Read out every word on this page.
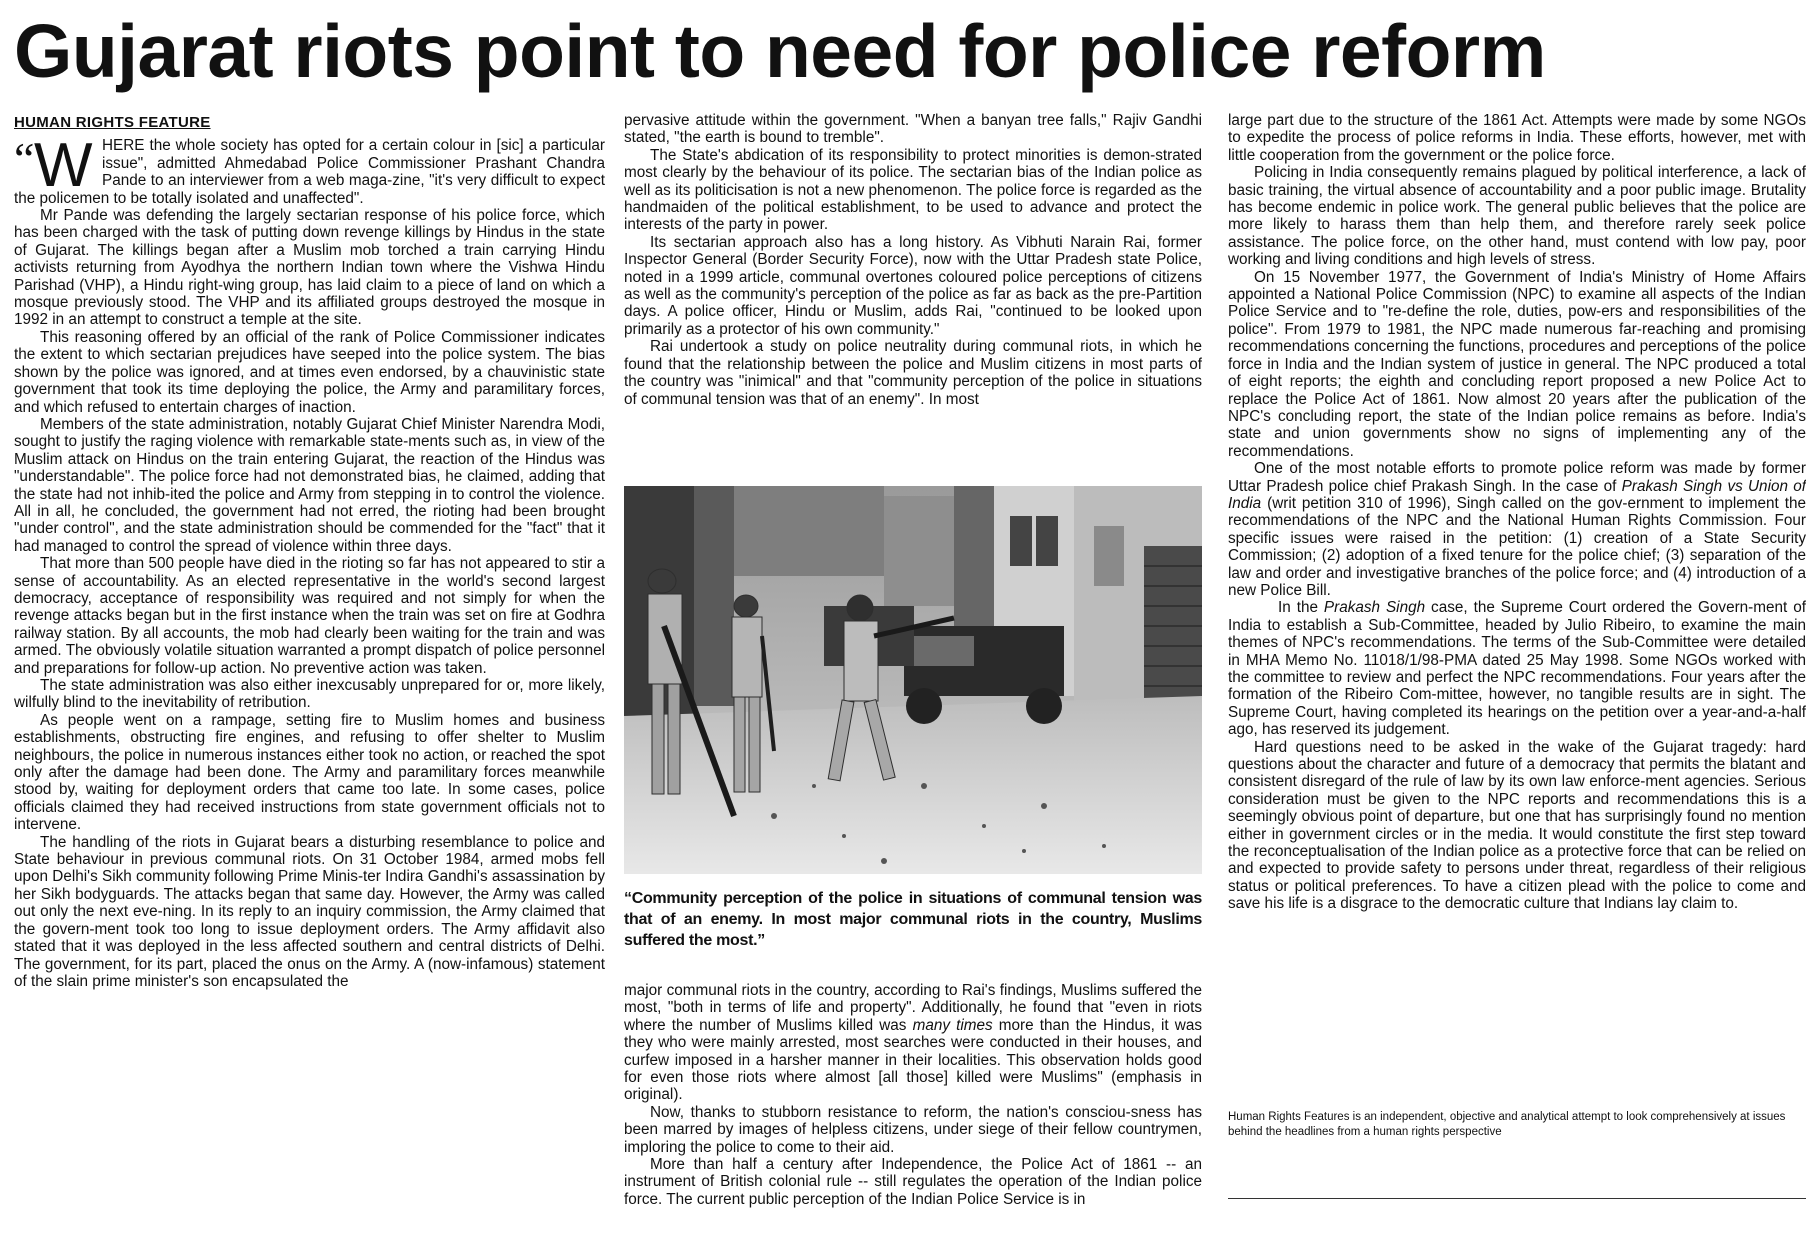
Gujarat riots point to need for police reform
HUMAN RIGHTS FEATURE
“ W HERE the whole society has opted for a certain colour in [sic] a particular issue", admitted Ahmedabad Police Commissioner Prashant Chandra Pande to an interviewer from a web maga-zine, "it's very difficult to expect the policemen to be totally isolated and unaffected".

Mr Pande was defending the largely sectarian response of his police force, which has been charged with the task of putting down revenge killings by Hindus in the state of Gujarat. The killings began after a Muslim mob torched a train carrying Hindu activists returning from Ayodhya the northern Indian town where the Vishwa Hindu Parishad (VHP), a Hindu right-wing group, has laid claim to a piece of land on which a mosque previously stood. The VHP and its affiliated groups destroyed the mosque in 1992 in an attempt to construct a temple at the site.

This reasoning offered by an official of the rank of Police Commissioner indicates the extent to which sectarian prejudices have seeped into the police system. The bias shown by the police was ignored, and at times even endorsed, by a chauvinistic state government that took its time deploying the police, the Army and paramilitary forces, and which refused to entertain charges of inaction.

Members of the state administration, notably Gujarat Chief Minister Narendra Modi, sought to justify the raging violence with remarkable state-ments such as, in view of the Muslim attack on Hindus on the train entering Gujarat, the reaction of the Hindus was "understandable". The police force had not demonstrated bias, he claimed, adding that the state had not inhib-ited the police and Army from stepping in to control the violence. All in all, he concluded, the government had not erred, the rioting had been brought "under control", and the state administration should be commended for the "fact" that it had managed to control the spread of violence within three days.

That more than 500 people have died in the rioting so far has not appeared to stir a sense of accountability. As an elected representative in the world's second largest democracy, acceptance of responsibility was required and not simply for when the revenge attacks began but in the first instance when the train was set on fire at Godhra railway station. By all accounts, the mob had clearly been waiting for the train and was armed. The obviously volatile situation warranted a prompt dispatch of police personnel and preparations for follow-up action. No preventive action was taken.

The state administration was also either inexcusably unprepared for or, more likely, wilfully blind to the inevitability of retribution.

As people went on a rampage, setting fire to Muslim homes and business establishments, obstructing fire engines, and refusing to offer shelter to Muslim neighbours, the police in numerous instances either took no action, or reached the spot only after the damage had been done. The Army and paramilitary forces meanwhile stood by, waiting for deployment orders that came too late. In some cases, police officials claimed they had received instructions from state government officials not to intervene.

The handling of the riots in Gujarat bears a disturbing resemblance to police and State behaviour in previous communal riots. On 31 October 1984, armed mobs fell upon Delhi's Sikh community following Prime Minis-ter Indira Gandhi's assassination by her Sikh bodyguards. The attacks began that same day. However, the Army was called out only the next eve-ning. In its reply to an inquiry commission, the Army claimed that the govern-ment took too long to issue deployment orders. The Army affidavit also stated that it was deployed in the less affected southern and central districts of Delhi. The government, for its part, placed the onus on the Army. A (now-infamous) statement of the slain prime minister's son encapsulated the

pervasive attitude within the government. "When a banyan tree falls," Rajiv Gandhi stated, "the earth is bound to tremble".

The State's abdication of its responsibility to protect minorities is demon-strated most clearly by the behaviour of its police. The sectarian bias of the Indian police as well as its politicisation is not a new phenomenon. The police force is regarded as the handmaiden of the political establishment, to be used to advance and protect the interests of the party in power.

Its sectarian approach also has a long history. As Vibhuti Narain Rai, former Inspector General (Border Security Force), now with the Uttar Pradesh state Police, noted in a 1999 article, communal overtones coloured police perceptions of citizens as well as the community's perception of the police as far as back as the pre-Partition days. A police officer, Hindu or Muslim, adds Rai, "continued to be looked upon primarily as a protector of his own community."

Rai undertook a study on police neutrality during communal riots, in which he found that the relationship between the police and Muslim citizens in most parts of the country was "inimical" and that "community perception of the police in situations of communal tension was that of an enemy". In most

“Community perception of the police in situations of communal tension was that of an enemy. In most major communal riots in the country, Muslims suffered the most.”

major communal riots in the country, according to Rai's findings, Muslims suffered the most, "both in terms of life and property". Additionally, he found that "even in riots where the number of Muslims killed was many times more than the Hindus, it was they who were mainly arrested, most searches were conducted in their houses, and curfew imposed in a harsher manner in their localities. This observation holds good for even those riots where almost [all those] killed were Muslims" (emphasis in original).

Now, thanks to stubborn resistance to reform, the nation's consciou-sness has been marred by images of helpless citizens, under siege of their fellow countrymen, imploring the police to come to their aid.

More than half a century after Independence, the Police Act of 1861 -- an instrument of British colonial rule -- still regulates the operation of the Indian police force. The current public perception of the Indian Police Service is in

large part due to the structure of the 1861 Act. Attempts were made by some NGOs to expedite the process of police reforms in India. These efforts, however, met with little cooperation from the government or the police force.

Policing in India consequently remains plagued by political interference, a lack of basic training, the virtual absence of accountability and a poor public image. Brutality has become endemic in police work. The general public believes that the police are more likely to harass them than help them, and therefore rarely seek police assistance. The police force, on the other hand, must contend with low pay, poor working and living conditions and high levels of stress.

On 15 November 1977, the Government of India's Ministry of Home Affairs appointed a National Police Commission (NPC) to examine all aspects of the Indian Police Service and to "re-define the role, duties, pow-ers and responsibilities of the police". From 1979 to 1981, the NPC made numerous far-reaching and promising recommendations concerning the functions, procedures and perceptions of the police force in India and the Indian system of justice in general. The NPC produced a total of eight reports; the eighth and concluding report proposed a new Police Act to replace the Police Act of 1861. Now almost 20 years after the publication of the NPC's concluding report, the state of the Indian police remains as before. India's state and union governments show no signs of implementing any of the recommendations.

One of the most notable efforts to promote police reform was made by former Uttar Pradesh police chief Prakash Singh. In the case of Prakash Singh vs Union of India (writ petition 310 of 1996), Singh called on the gov-ernment to implement the recommendations of the NPC and the National Human Rights Commission. Four specific issues were raised in the petition: (1) creation of a State Security Commission; (2) adoption of a fixed tenure for the police chief; (3) separation of the law and order and investigative branches of the police force; and (4) introduction of a new Police Bill.

In the Prakash Singh case, the Supreme Court ordered the Govern-ment of India to establish a Sub-Committee, headed by Julio Ribeiro, to examine the main themes of NPC's recommendations. The terms of the Sub-Committee were detailed in MHA Memo No. 11018/1/98-PMA dated 25 May 1998. Some NGOs worked with the committee to review and perfect the NPC recommendations. Four years after the formation of the Ribeiro Com-mittee, however, no tangible results are in sight. The Supreme Court, having completed its hearings on the petition over a year-and-a-half ago, has reserved its judgement.

Hard questions need to be asked in the wake of the Gujarat tragedy: hard questions about the character and future of a democracy that permits the blatant and consistent disregard of the rule of law by its own law enforce-ment agencies. Serious consideration must be given to the NPC reports and recommendations this is a seemingly obvious point of departure, but one that has surprisingly found no mention either in government circles or in the media. It would constitute the first step toward the reconceptualisation of the Indian police as a protective force that can be relied on and expected to provide safety to persons under threat, regardless of their religious status or political preferences. To have a citizen plead with the police to come and save his life is a disgrace to the democratic culture that Indians lay claim to.

Human Rights Features is an independent, objective and analytical attempt to look comprehensively at issues behind the headlines from a human rights perspective
